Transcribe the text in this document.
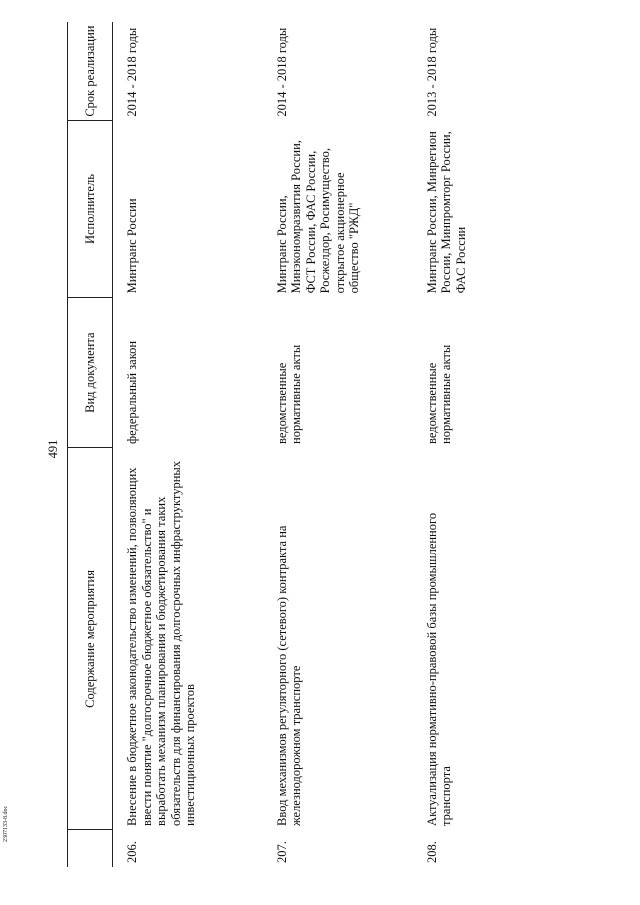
491
	Содержание мероприятия	Вид документа	Исполнитель	Срок реализации
206.	Внесение в бюджетное законодательство изменений, позволяющих ввести понятие "долгосрочное бюджетное обязательство" и выработать механизм планирования и бюджетирования таких обязательств для финансирования долгосрочных инфраструктурных инвестиционных проектов	федеральный закон	Минтранс России	2014 - 2018 годы
207.	Ввод механизмов регуляторного (сетевого) контракта на железнодорожном транспорте	ведомственные нормативные акты	Минтранс России, Минэкономразвития России, ФСТ России, ФАС России, Росжелдор, Росимущество, открытое акционерное общество "РЖД"	2014 - 2018 годы
208.	Актуализация нормативно-правовой базы промышленного транспорта	ведомственные нормативные акты	Минтранс России, Минрегион России, Минпромторг России, ФАС России	2013 - 2018 годы
2307133-8.doc
